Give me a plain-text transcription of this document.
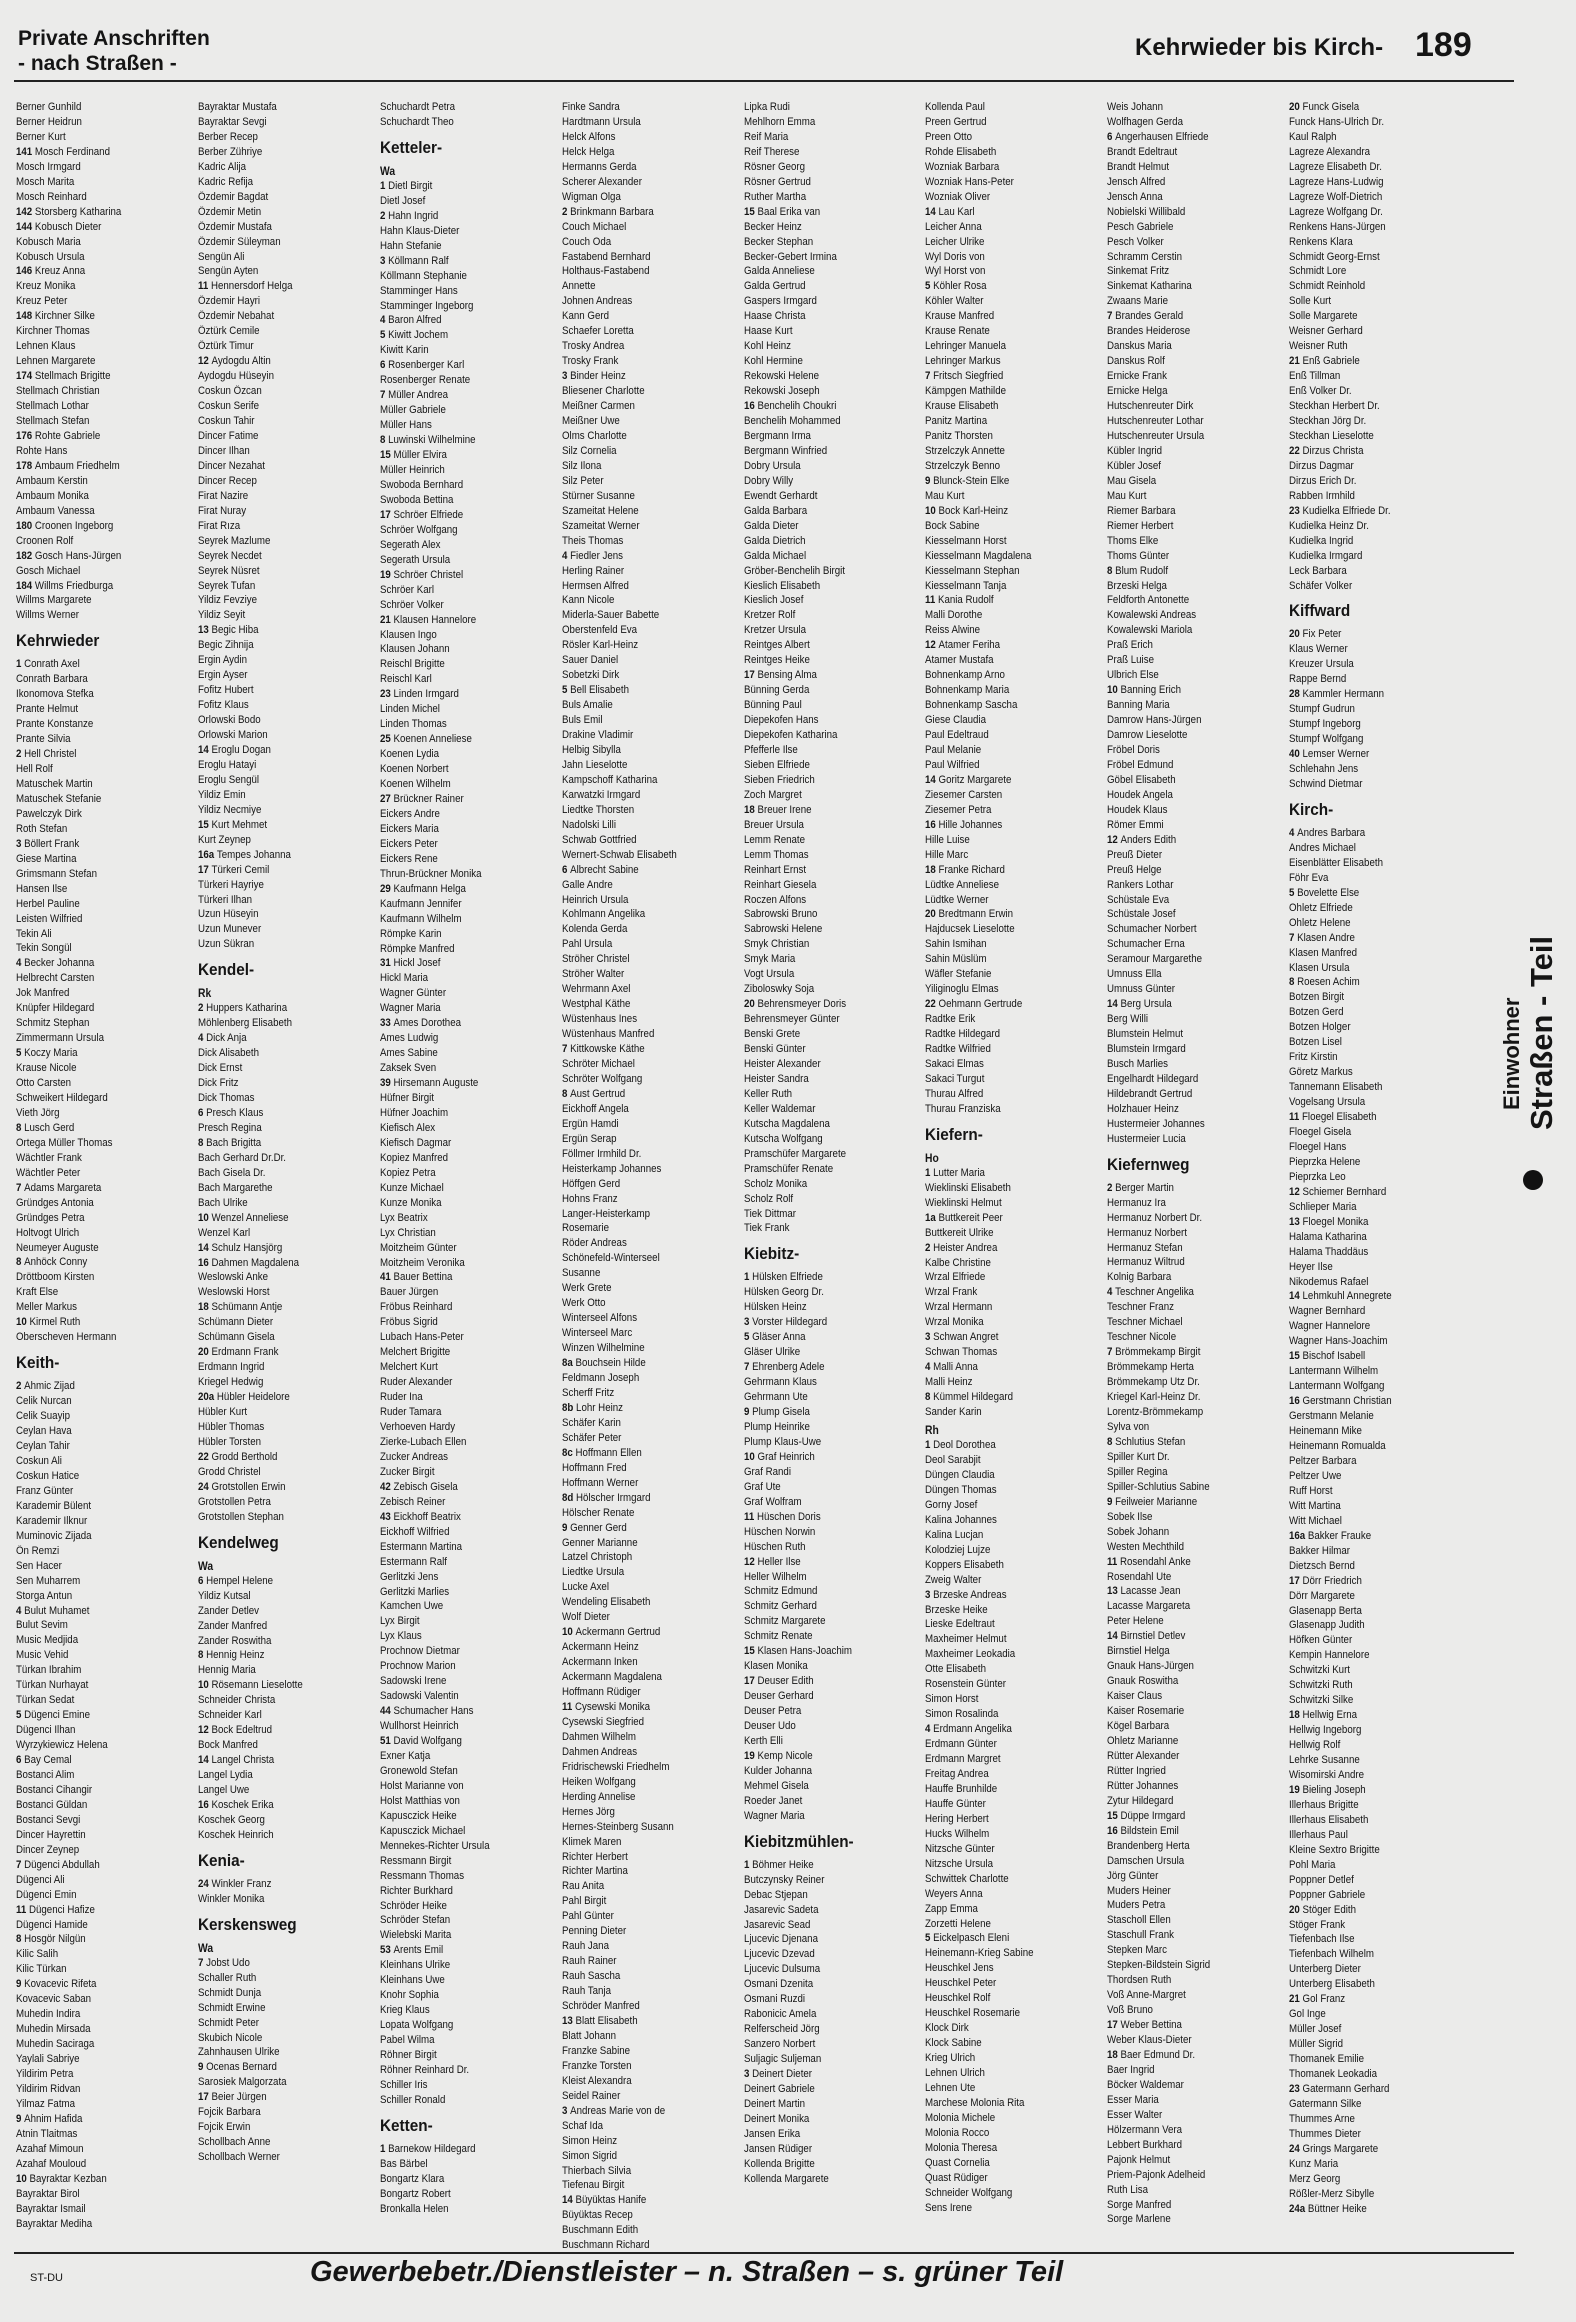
Private Anschriften
- nach Straßen -
Kehrwieder bis Kirch- 189
Einwohner Straßen - Teil
Berner Gunhild
Berner Heidrun
Berner Kurt
141 Mosch Ferdinand
Mosch Irmgard
Mosch Marita
Mosch Reinhard
142 Storsberg Katharina
144 Kobusch Dieter
Kobusch Maria
Kobusch Ursula
146 Kreuz Anna
Kreuz Monika
Kreuz Peter
148 Kirchner Silke
Kirchner Thomas
Lehnen Klaus
Lehnen Margarete
174 Stellmach Brigitte
Stellmach Christian
Stellmach Lothar
Stellmach Stefan
176 Rohte Gabriele
Rohte Hans
178 Ambaum Friedhelm
Ambaum Kerstin
Ambaum Monika
Ambaum Vanessa
180 Croonen Ingeborg
Croonen Rolf
182 Gosch Hans-Jürgen
Gosch Michael
184 Willms Friedburga
Willms Margarete
Willms Werner
Kehrwieder
1 Conrath Axel
Conrath Barbara
Ikonomova Stefka
Prante Helmut
Prante Konstanze
Prante Silvia
2 Hell Christel
Hell Rolf
Matuschek Martin
Matuschek Stefanie
Pawelczyk Dirk
Roth Stefan
3 Böllert Frank
Giese Martina
Grimsmann Stefan
Hansen Ilse
Herbel Pauline
Leisten Wilfried
Tekin Ali
Tekin Songül
4 Becker Johanna
Helbrecht Carsten
Jok Manfred
Knüpfer Hildegard
Schmitz Stephan
Zimmermann Ursula
5 Koczy Maria
Krause Nicole
Otto Carsten
Schweikert Hildegard
Vieth Jörg
8 Lusch Gerd
Ortega Müller Thomas
Wächtler Frank
Wächtler Peter
7 Adams Margareta
Gründges Antonia
Gründges Petra
Holtvogt Ulrich
Neumeyer Auguste
8 Anhöck Conny
Dröttboom Kirsten
Kraft Else
Meller Markus
10 Kirmel Ruth
Oberscheven Hermann
Keith-
2 Ahmic Zijad
Celik Nurcan
Celik Suayip
Ceylan Hava
Ceylan Tahir
Coskun Ali
Coskun Hatice
Franz Günter
Karademir Bülent
Karademir Ilknur
Muminovic Zijada
Ön Remzi
Sen Hacer
Sen Muharrem
Storga Antun
4 Bulut Muhamet
Bulut Sevim
Music Medjida
Music Vehid
Türkan Ibrahim
Türkan Nurhayat
Türkan Sedat
5 Dügenci Emine
Dügenci Ilhan
Wyrzykiewicz Helena
6 Bay Cemal
Bostanci Alim
Bostanci Cihangir
Bostanci Güldan
Bostanci Sevgi
Dincer Hayrettin
Dincer Zeynep
7 Dügenci Abdullah
Dügenci Ali
Dügenci Emin
11 Dügenci Hafize
Dügenci Hamide
8 Hosgör Nilgün
Kilic Salih
Kilic Türkan
9 Kovacevic Rifeta
Kovacevic Saban
Muhedin Indira
Muhedin Mirsada
Muhedin Saciraga
Yaylali Sabriye
Yildirim Petra
Yildirim Ridvan
Yilmaz Fatma
9 Ahnim Hafida
Atnin Tlaitmas
Azahaf Mimoun
Azahaf Mouloud
10 Bayraktar Kezban
Bayraktar Birol
Bayraktar Ismail
Bayraktar Mediha
Bayraktar Mustafa
Bayraktar Sevgi
Berber Recep
Berber Zühriye
Kadric Alija
Kadric Refija
Özdemir Bagdat
Özdemir Metin
Özdemir Mustafa
Özdemir Süleyman
Sengün Ali
Sengün Ayten
11 Hennersdorf Helga
Özdemir Hayri
Özdemir Nebahat
Öztürk Cemile
Öztürk Timur
12 Aydogdu Altin
Aydogdu Hüseyin
Coskun Özcan
Coskun Serife
Coskun Tahir
Dincer Fatime
Dincer Ilhan
Dincer Nezahat
Dincer Recep
Firat Nazire
Firat Nuray
Firat Rıza
Seyrek Mazlume
Seyrek Necdet
Seyrek Nüsret
Seyrek Tufan
Yildiz Fevziye
Yildiz Seyit
13 Begic Hiba
Begic Zihnija
Ergin Aydin
Ergin Ayser
Fofitz Hubert
Fofitz Klaus
Orlowski Bodo
Orlowski Marion
14 Eroglu Dogan
Eroglu Hatayi
Eroglu Sengül
Yildiz Emin
Yildiz Necmiye
15 Kurt Mehmet
Kurt Zeynep
16a Tempes Johanna
17 Türkeri Cemil
Türkeri Hayriye
Türkeri Ilhan
Uzun Hüseyin
Uzun Munever
Uzun Sükran
Kendel-
Rk
2 Huppers Katharina
Möhlenberg Elisabeth
4 Dick Anja
Dick Alisabeth
Dick Ernst
Dick Fritz
Dick Thomas
6 Presch Klaus
Presch Regina
8 Bach Brigitta
Bach Gerhard Dr.Dr.
Bach Gisela Dr.
Bach Margarethe
Bach Ulrike
10 Wenzel Anneliese
Wenzel Karl
14 Schulz Hansjörg
16 Dahmen Magdalena
Weslowski Anke
Weslowski Horst
18 Schümann Antje
Schümann Dieter
Schümann Gisela
20 Erdmann Frank
Erdmann Ingrid
Kriegel Hedwig
20a Hübler Heidelore
Hübler Kurt
Hübler Thomas
Hübler Torsten
22 Grodd Berthold
Grodd Christel
24 Grotstollen Erwin
Grotstollen Petra
Grotstollen Stephan
Kendelweg
Wa
6 Hempel Helene
Yildiz Kutsal
Zander Detlev
Zander Manfred
Zander Roswitha
8 Hennig Heinz
Hennig Maria
10 Rösemann Lieselotte
Schneider Christa
Schneider Karl
12 Bock Edeltrud
Bock Manfred
14 Langel Christa
Langel Lydia
Langel Uwe
16 Koschek Erika
Koschek Georg
Koschek Heinrich
Kenia-
24 Winkler Franz
Winkler Monika
Kerskensweg
Wa
7 Jobst Udo
Schaller Ruth
Schmidt Dunja
Schmidt Erwine
Schmidt Peter
Skubich Nicole
Zahnhausen Ulrike
9 Ocenas Bernard
Sarosiek Malgorzata
17 Beier Jürgen
Fojcik Barbara
Fojcik Erwin
Schollbach Anne
Schollbach Werner
Schuchardt Petra
Schuchardt Theo
Ketteler-
Wa
1 Dietl Birgit
Dietl Josef
2 Hahn Ingrid
Hahn Klaus-Dieter
Hahn Stefanie
3 Köllmann Ralf
Köllmann Stephanie
Stamminger Hans
Stamminger Ingeborg
4 Baron Alfred
5 Kiwitt Jochem
Kiwitt Karin
6 Rosenberger Karl
Rosenberger Renate
7 Müller Andrea
Müller Gabriele
Müller Hans
8 Luwinski Wilhelmine
15 Müller Elvira
Müller Heinrich
Swoboda Bernhard
Swoboda Bettina
17 Schröer Elfriede
Schröer Wolfgang
Segerath Alex
Segerath Ursula
19 Schröer Christel
Schröer Karl
Schröer Volker
21 Klausen Hannelore
Klausen Ingo
Klausen Johann
Reischl Brigitte
Reischl Karl
23 Linden Irmgard
Linden Michel
Linden Thomas
25 Koenen Anneliese
Koenen Lydia
Koenen Norbert
Koenen Wilhelm
27 Brückner Rainer
Eickers Andre
Eickers Maria
Eickers Peter
Eickers Rene
Thrun-Brückner Monika
29 Kaufmann Helga
Kaufmann Jennifer
Kaufmann Wilhelm
Römpke Karin
Römpke Manfred
31 Hickl Josef
Hickl Maria
Wagner Günter
Wagner Maria
33 Ames Dorothea
Ames Ludwig
Ames Sabine
Zaksek Sven
39 Hirsemann Auguste
Hüfner Birgit
Hüfner Joachim
Kiefisch Alex
Kiefisch Dagmar
Kopiez Manfred
Kopiez Petra
Kunze Michael
Kunze Monika
Lyx Beatrix
Lyx Christian
Moitzheim Günter
Moitzheim Veronika
41 Bauer Bettina
Bauer Jürgen
Fröbus Reinhard
Fröbus Sigrid
Lubach Hans-Peter
Melchert Brigitte
Melchert Kurt
Ruder Alexander
Ruder Ina
Ruder Tamara
Verhoeven Hardy
Zierke-Lubach Ellen
Zucker Andreas
Zucker Birgit
42 Zebisch Gisela
Zebisch Reiner
43 Eickhoff Beatrix
Eickhoff Wilfried
Estermann Martina
Estermann Ralf
Gerlitzki Jens
Gerlitzki Marlies
Kamchen Uwe
Lyx Birgit
Lyx Klaus
Prochnow Dietmar
Prochnow Marion
Sadowski Irene
Sadowski Valentin
44 Schumacher Hans
Wullhorst Heinrich
51 David Wolfgang
Exner Katja
Gronewold Stefan
Holst Marianne von
Holst Matthias von
Kapusczick Heike
Kapusczick Michael
Mennekes-Richter Ursula
Ressmann Birgit
Ressmann Thomas
Richter Burkhard
Schröder Heike
Schröder Stefan
Wielebski Marita
53 Arents Emil
Kleinhans Ulrike
Kleinhans Uwe
Knohr Sophia
Krieg Klaus
Lopata Wolfgang
Pabel Wilma
Röhner Birgit
Röhner Reinhard Dr.
Schiller Iris
Schiller Ronald
Ketten-
1 Barnekow Hildegard
Bas Bärbel
Bongartz Klara
Bongartz Robert
Bronkalla Helen
Finke Sandra
Hardtmann Ursula
Helck Alfons
Helck Helga
Hermanns Gerda
Scherer Alexander
Wigman Olga
2 Brinkmann Barbara
Couch Michael
Couch Oda
Fastabend Bernhard
Holthaus-Fastabend
Annette
Johnen Andreas
Kann Gerd
Schaefer Loretta
Trosky Andrea
Trosky Frank
3 Binder Heinz
Bliesener Charlotte
Meißner Carmen
Meißner Uwe
Olms Charlotte
Silz Cornelia
Silz Ilona
Silz Peter
Stürner Susanne
Szameitat Helene
Szameitat Werner
Theis Thomas
4 Fiedler Jens
Herling Rainer
Hermsen Alfred
Kann Nicole
Miderla-Sauer Babette
Oberstenfeld Eva
Rösler Karl-Heinz
Sauer Daniel
Sobetzki Dirk
5 Bell Elisabeth
Buls Amalie
Buls Emil
Drakine Vladimir
Helbig Sibylla
Jahn Lieselotte
Kampschoff Katharina
Karwatzki Irmgard
Liedtke Thorsten
Nadolski Lilli
Schwab Gottfried
Wernert-Schwab Elisabeth
6 Albrecht Sabine
Galle Andre
Heinrich Ursula
Kohlmann Angelika
Kolenda Gerda
Pahl Ursula
Ströher Christel
Ströher Walter
Wehrmann Axel
Westphal Käthe
Wüstenhaus Ines
Wüstenhaus Manfred
7 Kittkowske Käthe
Schröter Michael
Schröter Wolfgang
8 Aust Gertrud
Eickhoff Angela
Ergün Hamdi
Ergün Serap
Föllmer Irmhild Dr.
Heisterkamp Johannes
Höffgen Gerd
Hohns Franz
Langer-Heisterkamp
Rosemarie
Röder Andreas
Schönefeld-Winterseel
Susanne
Werk Grete
Werk Otto
Winterseel Alfons
Winterseel Marc
Winzen Wilhelmine
8a Bouchsein Hilde
Feldmann Joseph
Scherff Fritz
8b Lohr Heinz
Schäfer Karin
Schäfer Peter
8c Hoffmann Ellen
Hoffmann Fred
Hoffmann Werner
8d Hölscher Irmgard
Hölscher Renate
9 Genner Gerd
Genner Marianne
Latzel Christoph
Liedtke Ursula
Lucke Axel
Wendeling Elisabeth
Wolf Dieter
10 Ackermann Gertrud
Ackermann Heinz
Ackermann Inken
Ackermann Magdalena
Hoffmann Rüdiger
11 Cysewski Monika
Cysewski Siegfried
Dahmen Wilhelm
Dahmen Andreas
Fridrischewski Friedhelm
Heiken Wolfgang
Herding Annelise
Hernes Jörg
Hernes-Steinberg Susann
Klimek Maren
Richter Herbert
Richter Martina
Rau Anita
Pahl Birgit
Pahl Günter
Penning Dieter
Rauh Jana
Rauh Rainer
Rauh Sascha
Rauh Tanja
Schröder Manfred
13 Blatt Elisabeth
Blatt Johann
Franzke Sabine
Franzke Torsten
Kleist Alexandra
Seidel Rainer
3 Andreas Marie von de
Schaf Ida
Simon Heinz
Simon Sigrid
Thierbach Silvia
Tiefenau Birgit
14 Büyüktas Hanife
Büyüktas Recep
Buschmann Edith
Buschmann Richard
Lipka Rudi
Mehlhorn Emma
Reif Maria
Reif Therese
Rösner Georg
Rösner Gertrud
Ruther Martha
15 Baal Erika van
Becker Heinz
Becker Stephan
Becker-Gebert Irmina
Galda Anneliese
Galda Gertrud
Gaspers Irmgard
Haase Christa
Haase Kurt
Kohl Heinz
Kohl Hermine
Rekowski Helene
Rekowski Joseph
16 Benchelih Choukri
Benchelih Mohammed
Bergmann Irma
Bergmann Winfried
Dobry Ursula
Dobry Willy
Ewendt Gerhardt
Galda Barbara
Galda Dieter
Galda Dietrich
Galda Michael
Gröber-Benchelih Birgit
Kieslich Elisabeth
Kieslich Josef
Kretzer Rolf
Kretzer Ursula
Reintges Albert
Reintges Heike
17 Bensing Alma
Bünning Gerda
Bünning Paul
Diepekofen Hans
Diepekofen Katharina
Pfefferle Ilse
Sieben Elfriede
Sieben Friedrich
Zoch Margret
18 Breuer Irene
Breuer Ursula
Lemm Renate
Lemm Thomas
Reinhart Ernst
Reinhart Giesela
Roczen Alfons
Sabrowski Bruno
Sabrowski Helene
Smyk Christian
Smyk Maria
Vogt Ursula
Ziboloswky Soja
20 Behrensmeyer Doris
Behrensmeyer Günter
Benski Grete
Benski Günter
Heister Alexander
Heister Sandra
Keller Ruth
Keller Waldemar
Kutscha Magdalena
Kutscha Wolfgang
Pramschüfer Margarete
Pramschüfer Renate
Scholz Monika
Scholz Rolf
Tiek Dittmar
Tiek Frank
Kiebitz-
1 Hülsken Elfriede
Hülsken Georg Dr.
Hülsken Heinz
3 Vorster Hildegard
5 Gläser Anna
Gläser Ulrike
7 Ehrenberg Adele
Gehrmann Klaus
Gehrmann Ute
9 Plump Gisela
Plump Heinrike
Plump Klaus-Uwe
10 Graf Heinrich
Graf Randi
Graf Ute
Graf Wolfram
11 Hüschen Doris
Hüschen Norwin
Hüschen Ruth
12 Heller Ilse
Heller Wilhelm
Schmitz Edmund
Schmitz Gerhard
Schmitz Margarete
Schmitz Renate
15 Klasen Hans-Joachim
Klasen Monika
17 Deuser Edith
Deuser Gerhard
Deuser Petra
Deuser Udo
Kerth Elli
19 Kemp Nicole
Kulder Johanna
Mehmel Gisela
Roeder Janet
Wagner Maria
Kiebitzmühlen-
1 Böhmer Heike
Butczynsky Reiner
Debac Stjepan
Jasarevic Sadeta
Jasarevic Sead
Ljucevic Djenana
Ljucevic Dzevad
Ljucevic Dulsuma
Osmani Dzenita
Osmani Ruzdi
Rabonicic Amela
Relferscheid Jörg
Sanzero Norbert
Suljagic Suljeman
3 Deinert Dieter
Deinert Gabriele
Deinert Martin
Deinert Monika
Jansen Erika
Jansen Rüdiger
Kollenda Brigitte
Kollenda Margarete
Kollenda Paul
Preen Gertrud
Preen Otto
Rohde Elisabeth
Wozniak Barbara
Wozniak Hans-Peter
Wozniak Oliver
14 Lau Karl
Leicher Anna
Leicher Ulrike
Wyl Doris von
Wyl Horst von
5 Köhler Rosa
Köhler Walter
Krause Manfred
Krause Renate
Lehringer Manuela
Lehringer Markus
7 Fritsch Siegfried
Kämpgen Mathilde
Krause Elisabeth
Panitz Martina
Panitz Thorsten
Strzelczyk Annette
Strzelczyk Benno
9 Blunck-Stein Elke
Mau Kurt
10 Bock Karl-Heinz
Bock Sabine
Kiesselmann Horst
Kiesselmann Magdalena
Kiesselmann Stephan
Kiesselmann Tanja
11 Kania Rudolf
Malli Dorothe
Reiss Alwine
12 Atamer Feriha
Atamer Mustafa
Bohnenkamp Arno
Bohnenkamp Maria
Bohnenkamp Sascha
Giese Claudia
Paul Edeltraud
Paul Melanie
Paul Wilfried
14 Goritz Margarete
Ziesemer Carsten
Ziesemer Petra
16 Hille Johannes
Hille Luise
Hille Marc
18 Franke Richard
Lüdtke Anneliese
Lüdtke Werner
20 Bredtmann Erwin
Hajducsek Lieselotte
Sahin Ismihan
Sahin Müslüm
Wäfler Stefanie
Yiliginoglu Elmas
22 Oehmann Gertrude
Radtke Erik
Radtke Hildegard
Radtke Wilfried
Sakaci Elmas
Sakaci Turgut
Thurau Alfred
Thurau Franziska
Kiefern-
Ho
1 Lutter Maria
Wieklinski Elisabeth
Wieklinski Helmut
1a Buttkereit Peer
Buttkereit Ulrike
2 Heister Andrea
Kalbe Christine
Wrzal Elfriede
Wrzal Frank
Wrzal Hermann
Wrzal Monika
3 Schwan Angret
Schwan Thomas
4 Malli Anna
Malli Heinz
8 Kümmel Hildegard
Sander Karin
Rh
1 Deol Dorothea
Deol Sarabjit
Düngen Claudia
Düngen Thomas
Gorny Josef
Kalina Johannes
Kalina Lucjan
Kolodziej Lujze
Koppers Elisabeth
Zweig Walter
3 Brzeske Andreas
Brzeske Heike
Lieske Edeltraut
Maxheimer Helmut
Maxheimer Leokadia
Otte Elisabeth
Rosenstein Günter
Simon Horst
Simon Rosalinda
4 Erdmann Angelika
Erdmann Günter
Erdmann Margret
Freitag Andrea
Hauffe Brunhilde
Hauffe Günter
Hering Herbert
Hucks Wilhelm
Nitzsche Günter
Nitzsche Ursula
Schwittek Charlotte
Weyers Anna
Zapp Emma
Zorzetti Helene
5 Eickelpasch Eleni
Heinemann-Krieg Sabine
Heuschkel Jens
Heuschkel Peter
Heuschkel Rolf
Heuschkel Rosemarie
Klock Dirk
Klock Sabine
Krieg Ulrich
Lehnen Ulrich
Lehnen Ute
Marchese Molonia Rita
Molonia Michele
Molonia Rocco
Molonia Theresa
Quast Cornelia
Quast Rüdiger
Schneider Wolfgang
Sens Irene
Weis Johann
Wolfhagen Gerda
6 Angerhausen Elfriede
Brandt Edeltraut
Brandt Helmut
Jensch Alfred
Jensch Anna
Nobielski Willibald
Pesch Gabriele
Pesch Volker
Schramm Cerstin
Sinkemat Fritz
Sinkemat Katharina
Zwaans Marie
7 Brandes Gerald
Brandes Heiderose
Danskus Maria
Danskus Rolf
Ernicke Frank
Ernicke Helga
Hutschenreuter Dirk
Hutschenreuter Lothar
Hutschenreuter Ursula
Kübler Ingrid
Kübler Josef
Mau Gisela
Mau Kurt
Riemer Barbara
Riemer Herbert
Thoms Elke
Thoms Günter
8 Blum Rudolf
Brzeski Helga
Feldforth Antonette
Kowalewski Andreas
Kowalewski Mariola
Praß Erich
Praß Luise
Ulbrich Else
10 Banning Erich
Banning Maria
Damrow Hans-Jürgen
Damrow Lieselotte
Fröbel Doris
Fröbel Edmund
Göbel Elisabeth
Houdek Angela
Houdek Klaus
Römer Emmi
12 Anders Edith
Preuß Dieter
Preuß Helge
Rankers Lothar
Schüstale Eva
Schüstale Josef
Schumacher Norbert
Schumacher Erna
Seramour Margarethe
Umnuss Ella
Umnuss Günter
14 Berg Ursula
Berg Willi
Blumstein Helmut
Blumstein Irmgard
Busch Marlies
Engelhardt Hildegard
Hildebrandt Gertrud
Holzhauer Heinz
Hustermeier Johannes
Hustermeier Lucia
Kiefernweg
2 Berger Martin
Hermanuz Ira
Hermanuz Norbert Dr.
Hermanuz Norbert
Hermanuz Stefan
Hermanuz Wiltrud
Kolnig Barbara
4 Teschner Angelika
Teschner Franz
Teschner Michael
Teschner Nicole
7 Brömmekamp Birgit
Brömmekamp Herta
Brömmekamp Utz Dr.
Kriegel Karl-Heinz Dr.
Lorentz-Brömmekamp
Sylva von
8 Schlutius Stefan
Spiller Kurt Dr.
Spiller Regina
Spiller-Schlutius Sabine
9 Feilweier Marianne
Sobek Ilse
Sobek Johann
Westen Mechthild
11 Rosendahl Anke
Rosendahl Ute
13 Lacasse Jean
Lacasse Margareta
Peter Helene
14 Birnstiel Detlev
Birnstiel Helga
Gnauk Hans-Jürgen
Gnauk Roswitha
Kaiser Claus
Kaiser Rosemarie
Kögel Barbara
Ohletz Marianne
Rütter Alexander
Rütter Ingried
Rütter Johannes
Zytur Hildegard
15 Düppe Irmgard
16 Bildstein Emil
Brandenberg Herta
Damschen Ursula
Jörg Günter
Muders Heiner
Muders Petra
Stascholl Ellen
Staschull Frank
Stepken Marc
Stepken-Bildstein Sigrid
Thordsen Ruth
Voß Anne-Margret
Voß Bruno
17 Weber Bettina
Weber Klaus-Dieter
18 Baer Edmund Dr.
Baer Ingrid
Böcker Waldemar
Esser Maria
Esser Walter
Hölzermann Vera
Lebbert Burkhard
Pajonk Helmut
Priem-Pajonk Adelheid
Ruth Lisa
Sorge Manfred
Sorge Marlene
20 Funck Gisela
Funck Hans-Ulrich Dr.
Kaul Ralph
Lagreze Alexandra
Lagreze Elisabeth Dr.
Lagreze Hans-Ludwig
Lagreze Wolf-Dietrich
Lagreze Wolfgang Dr.
Renkens Hans-Jürgen
Renkens Klara
Schmidt Georg-Ernst
Schmidt Lore
Schmidt Reinhold
Solle Kurt
Solle Margarete
Weisner Gerhard
Weisner Ruth
21 Enß Gabriele
Enß Tillman
Enß Volker Dr.
Steckhan Herbert Dr.
Steckhan Jörg Dr.
Steckhan Lieselotte
22 Dirzus Christa
Dirzus Dagmar
Dirzus Erich Dr.
Rabben Irmhild
23 Kudielka Elfriede Dr.
Kudielka Heinz Dr.
Kudielka Ingrid
Kudielka Irmgard
Leck Barbara
Schäfer Volker
Kiffward
20 Fix Peter
Klaus Werner
Kreuzer Ursula
Rappe Bernd
28 Kammler Hermann
Stumpf Gudrun
Stumpf Ingeborg
Stumpf Wolfgang
40 Lemser Werner
Schlehahn Jens
Schwind Dietmar
Kirch-
4 Andres Barbara
Andres Michael
Eisenblätter Elisabeth
Föhr Eva
5 Bovelette Else
Ohletz Elfriede
Ohletz Helene
7 Klasen Andre
Klasen Manfred
Klasen Ursula
8 Roesen Achim
Botzen Birgit
Botzen Gerd
Botzen Holger
Botzen Lisel
Fritz Kirstin
Göretz Markus
Tannemann Elisabeth
Vogelsang Ursula
11 Floegel Elisabeth
Floegel Gisela
Floegel Hans
Pieprzka Helene
Pieprzka Leo
12 Schiemer Bernhard
Schlieper Maria
13 Floegel Monika
Halama Katharina
Halama Thaddäus
Heyer Ilse
Nikodemus Rafael
14 Lehmkuhl Annegrete
Wagner Bernhard
Wagner Hannelore
Wagner Hans-Joachim
15 Bischof Isabell
Lantermann Wilhelm
Lantermann Wolfgang
16 Gerstmann Christian
Gerstmann Melanie
Heinemann Mike
Heinemann Romualda
Peltzer Barbara
Peltzer Uwe
Ruff Horst
Witt Martina
Witt Michael
16a Bakker Frauke
Bakker Hilmar
Dietzsch Bernd
17 Dörr Friedrich
Dörr Margarete
Glasenapp Berta
Glasenapp Judith
Höfken Günter
Kempin Hannelore
Schwitzki Kurt
Schwitzki Ruth
Schwitzki Silke
18 Hellwig Erna
Hellwig Ingeborg
Hellwig Rolf
Lehrke Susanne
Wisomirski Andre
19 Bieling Joseph
Illerhaus Brigitte
Illerhaus Elisabeth
Illerhaus Paul
Kleine Sextro Brigitte
Pohl Maria
Poppner Detlef
Poppner Gabriele
20 Stöger Edith
Stöger Frank
Tiefenbach Ilse
Tiefenbach Wilhelm
Unterberg Dieter
Unterberg Elisabeth
21 Gol Franz
Gol Inge
Müller Josef
Müller Sigrid
Thomanek Emilie
Thomanek Leokadia
23 Gatermann Gerhard
Gatermann Silke
Thummes Arne
Thummes Dieter
24 Grings Margarete
Kunz Maria
Merz Georg
Rößler-Merz Sibylle
24a Büttner Heike
Gewerbebetr./Dienstleister – n. Straßen – s. grüner Teil
ST-DU
